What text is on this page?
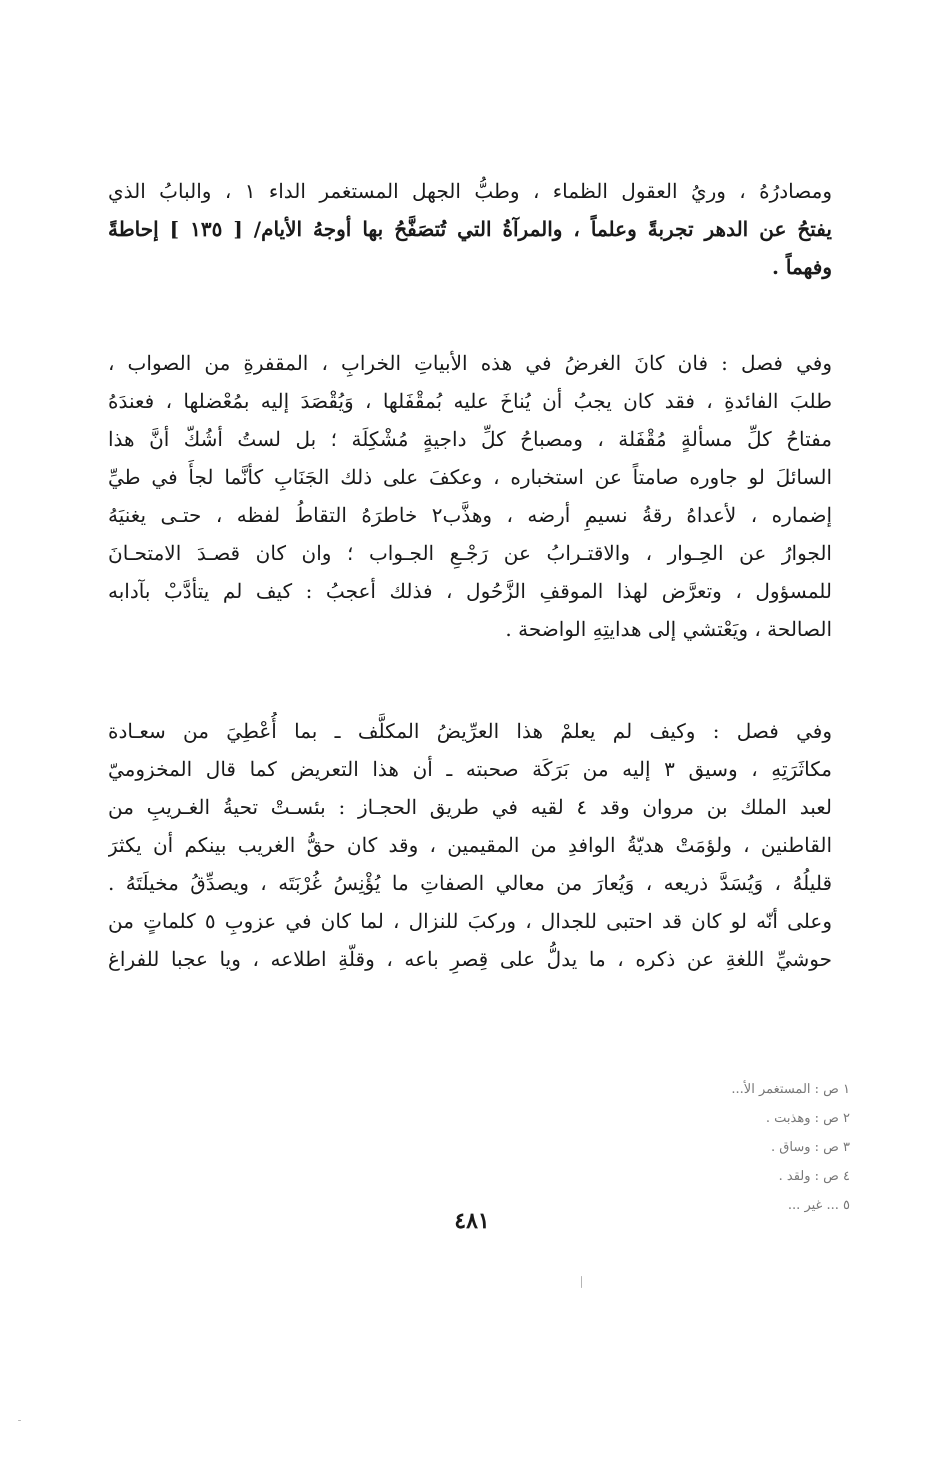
ومصادرُهُ ، وريُ العقول الظماء ، وطبُّ الجهل المستغمر الداء ١ ، والبابُ الذي
يفتحُ عن الدهر تجربةً وعلماً ، والمرآةُ التي تُتصَفَّحُ بها أوجهُ الأيام/ [ ١٣٥ ] إحاطةً
وفهماً .
وفي فصل : فان كانَ الغرضُ في هذه الأبياتِ الخرابِ ، المقفرةِ من الصواب ،
طلبَ الفائدةِ ، فقد كان يجبُ أن يُناخَ عليه بُمقْفَلها ، وَيُقْصَدَ إليه بمُعْضلها ، فعندَهُ
مفتاحُ كلِّ مسألةٍ مُقْفَلة ، ومصباحُ كلِّ داجيةٍ مُشْكِلَة ؛ بل لستُ أشُكّ أنَّ هذا
السائلَ لو جاوره صامتاً عن استخباره ، وعكفَ على ذلك الجَنَابِ كأنَّما لجأَ في طيِّ
إضماره ، لأعداهُ رقةُ نسيمِ أرضه ، وهذَّب٢ خاطرَهُ التقاطُ لفظه ، حتـى يغنيَهُ
الجوارُ عن الحِـوار ، والاقتـرابُ عن رَجْـعِ الجـواب ؛ وان كان قصـدَ الامتحـانَ
للمسؤول ، وتعرَّض لهذا الموقفِ الزَّحُول ، فذلك أعجبُ : كيف لم يتأدَّبْ بآدابه
الصالحة ، ويَعْتشي إلى هدايتِهِ الواضحة .
وفي فصل : وكيف لم يعلمْ هذا العرِّيضُ المكلَّف ـ بما أُعْطِيَ من سعـادة
مكاثَرَتِهِ ، وسيق ٣ إليه من بَرَكَة صحبته ـ أن هذا التعريض كما قال المخزوميّ
لعبد الملك بن مروان وقد ٤ لقيه في طريق الحجـاز : بئسـتْ تحيةُ الغـريبِ من
القاطنين ، ولؤمَتْ هديّةُ الوافدِ من المقيمين ، وقد كان حقُّ الغريب بينكم أن يكثرَ
قليلُهُ ، وَيُسَدَّ ذريعه ، وَيُعارَ من معالي الصفاتِ ما يُؤْنِسُ غُرْبَتَه ، ويصدِّقُ مخيلَتَهُ .
وعلى أنّه لو كان قد احتبى للجدال ، وركبَ للنزال ، لما كان في عزوبِ ٥ كلماتٍ من
حوشيِّ اللغةِ عن ذكره ، ما يدلُّ على قِصرِ باعه ، وقلّةِ اطلاعه ، ويا عجبا للفراغ
١ ص : المستغمر الأ...
٢ ص : وهذبت .
٣ ص : وساق .
٤ ص : ولقد .
٥ ... غير ...
٤٨١
